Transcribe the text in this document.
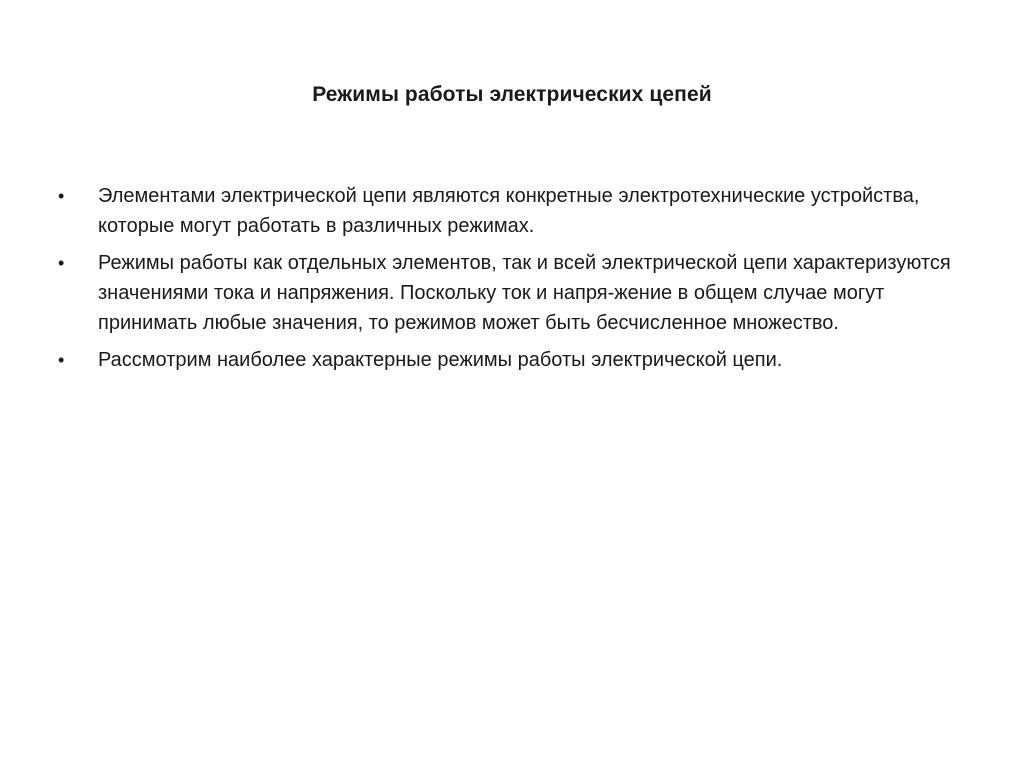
Режимы работы электрических цепей
•	Элементами электрической цепи являются конкретные электротехнические устройства, которые могут работать в различных режимах.
•	Режимы работы как отдельных элементов, так и всей электрической цепи характеризуются значениями тока и напряжения. Поскольку ток и напря-жение в общем случае могут принимать любые значения, то режимов может быть бесчисленное множество.
•	Рассмотрим наиболее характерные режимы работы электрической цепи.
